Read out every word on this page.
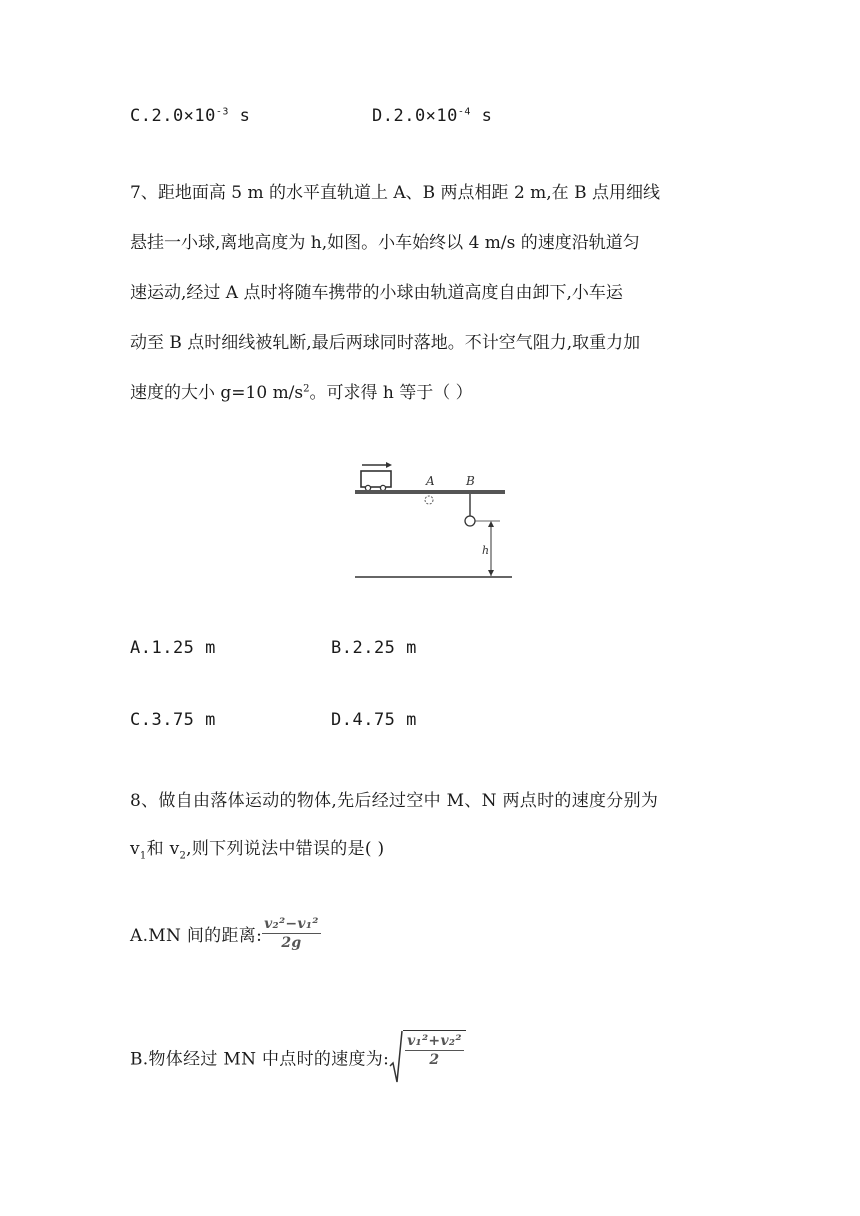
$C.2.0\times 10^{-3}$ s	$D.2.0\times 10^{-4}$ s
7、距地面高 5 m 的水平直轨道上 A、B 两点相距 2 m,在 B 点用细线
悬挂一小球,离地高度为 h,如图。小车始终以 4 m/s 的速度沿轨道匀
速运动,经过 A 点时将随车携带的小球由轨道高度自由卸下,小车运
动至 B 点时细线被轧断,最后两球同时落地。不计空气阻力,取重力加
速度的大小 g=10 $m/s^2$。可求得 h 等于（ ）
A	B
h
A.1.25 m	B.2.25 m
C.3.75 m	D.4.75 m
8、做自由落体运动的物体,先后经过空中 M、N 两点时的速度分别为
$v_1$和 $v_2$,则下列说法中错误的是( )
A.MN 间的距离: $\frac{\text{v₂²−v₁²}}{2g}$
B.物体经过 MN 中点时的速度为: $\frac{\text{v₁²+v₂²}}{2}$
